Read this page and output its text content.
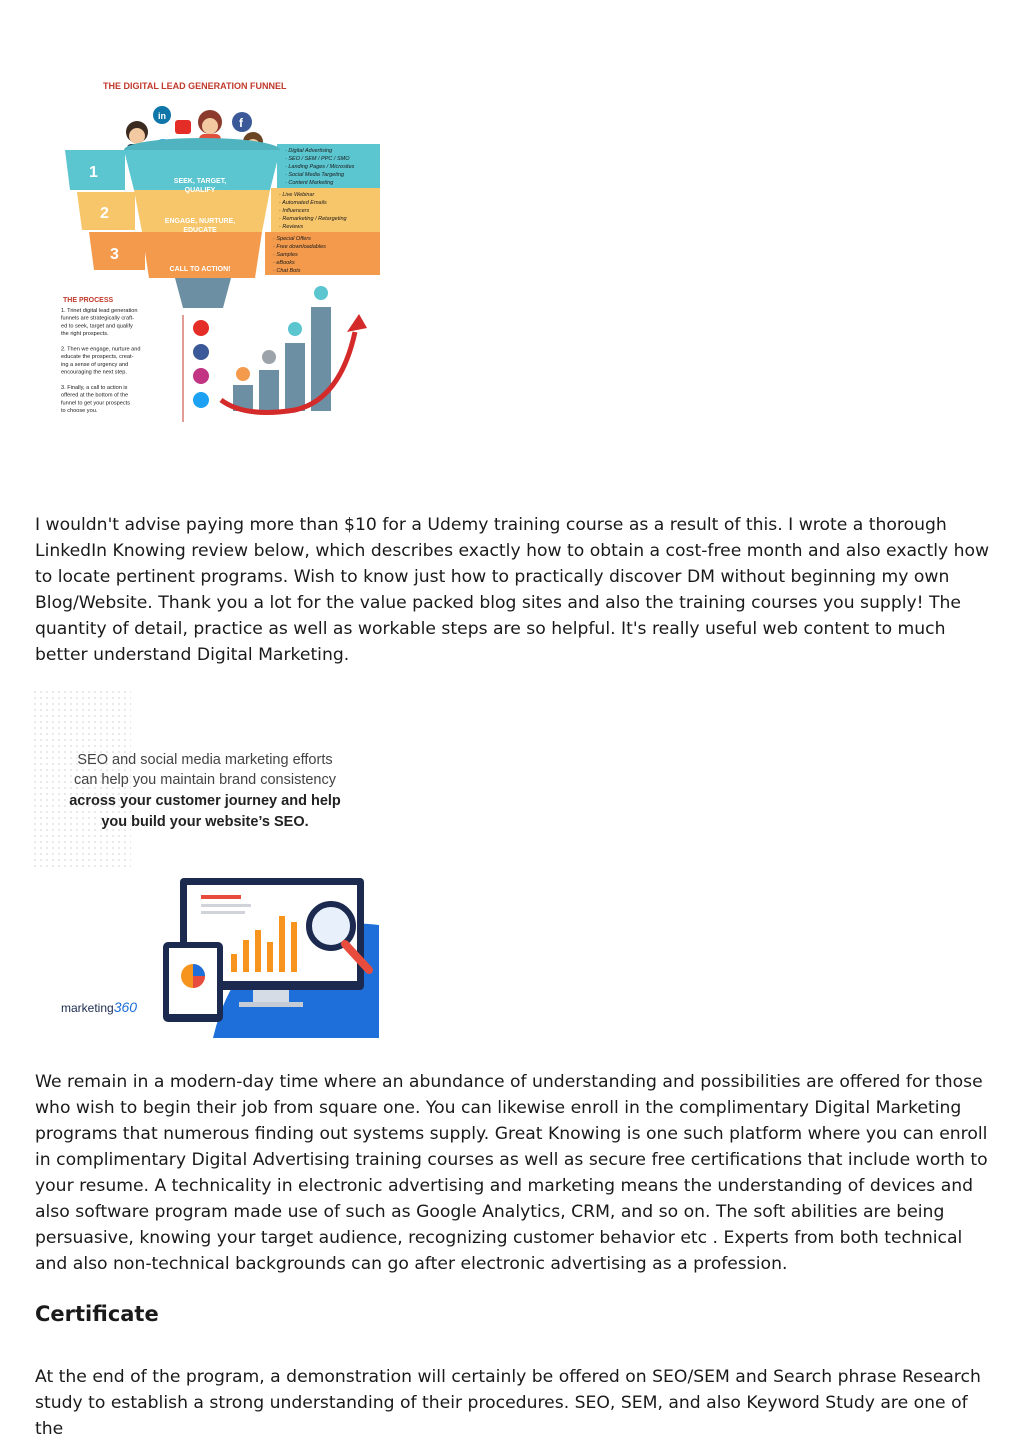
THE DIGITAL LEAD GENERATION FUNNEL
in	f
1
2
3
· Digital Advertising
· SEO / SEM / PPC / SMO
· Landing Pages / Microsites
· Social Media Targeting
· Content Marketing
· Live Webinar
· Automated Emails
· Influencers
· Remarketing / Retargeting
· Reviews
· Special Offers
· Free downloadables
· Samples
· eBooks
· Chat Bots
SEEK, TARGET,
QUALIFY
ENGAGE, NURTURE,
EDUCATE
CALL TO ACTION!
THE PROCESS
1. Trinet digital lead generation
funnels are strategically craft-
ed to seek, target and qualify
the right prospects.
2. Then we engage, nurture and
educate the prospects, creat-
ing a sense of urgency and
encouraging the next step.
3. Finally, a call to action is
offered at the bottom of the
funnel to get your prospects
to choose you.

I wouldn't advise paying more than $10 for a Udemy training course as a result of this. I wrote a thorough LinkedIn Knowing review below, which describes exactly how to obtain a cost-free month and also exactly how to locate pertinent programs. Wish to know just how to practically discover DM without beginning my own Blog/Website. Thank you a lot for the value packed blog sites and also the training courses you supply! The quantity of detail, practice as well as workable steps are so helpful. It's really useful web content to much better understand Digital Marketing.

SEO and social media marketing efforts
can help you maintain brand consistency
across your customer journey and help
you build your website’s SEO.
marketing360

We remain in a modern-day time where an abundance of understanding and possibilities are offered for those who wish to begin their job from square one. You can likewise enroll in the complimentary Digital Marketing programs that numerous finding out systems supply. Great Knowing is one such platform where you can enroll in complimentary Digital Advertising training courses as well as secure free certifications that include worth to your resume. A technicality in electronic advertising and marketing means the understanding of devices and also software program made use of such as Google Analytics, CRM, and so on. The soft abilities are being persuasive, knowing your target audience, recognizing customer behavior etc . Experts from both technical and also non-technical backgrounds can go after electronic advertising as a profession.

Certificate

At the end of the program, a demonstration will certainly be offered on SEO/SEM and Search phrase Research study to establish a strong understanding of their procedures. SEO, SEM, and also Keyword Study are one of the
